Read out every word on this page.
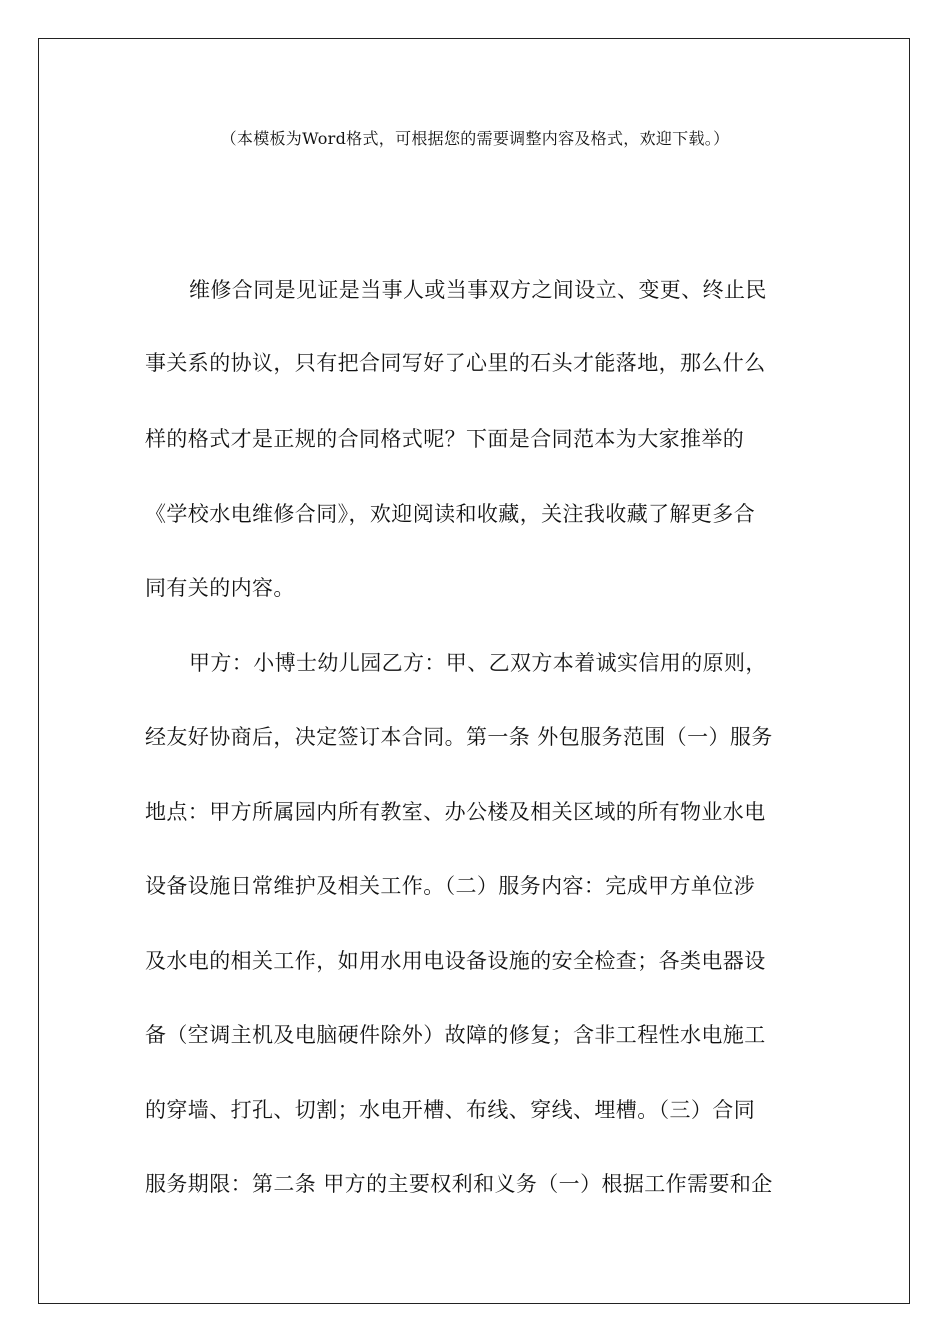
（本模板为Word格式，可根据您的需要调整内容及格式，欢迎下载。）
维修合同是见证是当事人或当事双方之间设立、变更、终止民
事关系的协议，只有把合同写好了心里的石头才能落地，那么什么
样的格式才是正规的合同格式呢？下面是合同范本为大家推举的
《学校水电维修合同》，欢迎阅读和收藏，关注我收藏了解更多合
同有关的内容。
甲方：小博士幼儿园乙方：甲、乙双方本着诚实信用的原则，
经友好协商后，决定签订本合同。第一条 外包服务范围（一）服务
地点：甲方所属园内所有教室、办公楼及相关区域的所有物业水电
设备设施日常维护及相关工作。（二）服务内容：完成甲方单位涉
及水电的相关工作，如用水用电设备设施的安全检查；各类电器设
备（空调主机及电脑硬件除外）故障的修复；含非工程性水电施工
的穿墙、打孔、切割；水电开槽、布线、穿线、埋槽。（三）合同
服务期限：第二条 甲方的主要权利和义务（一）根据工作需要和企
